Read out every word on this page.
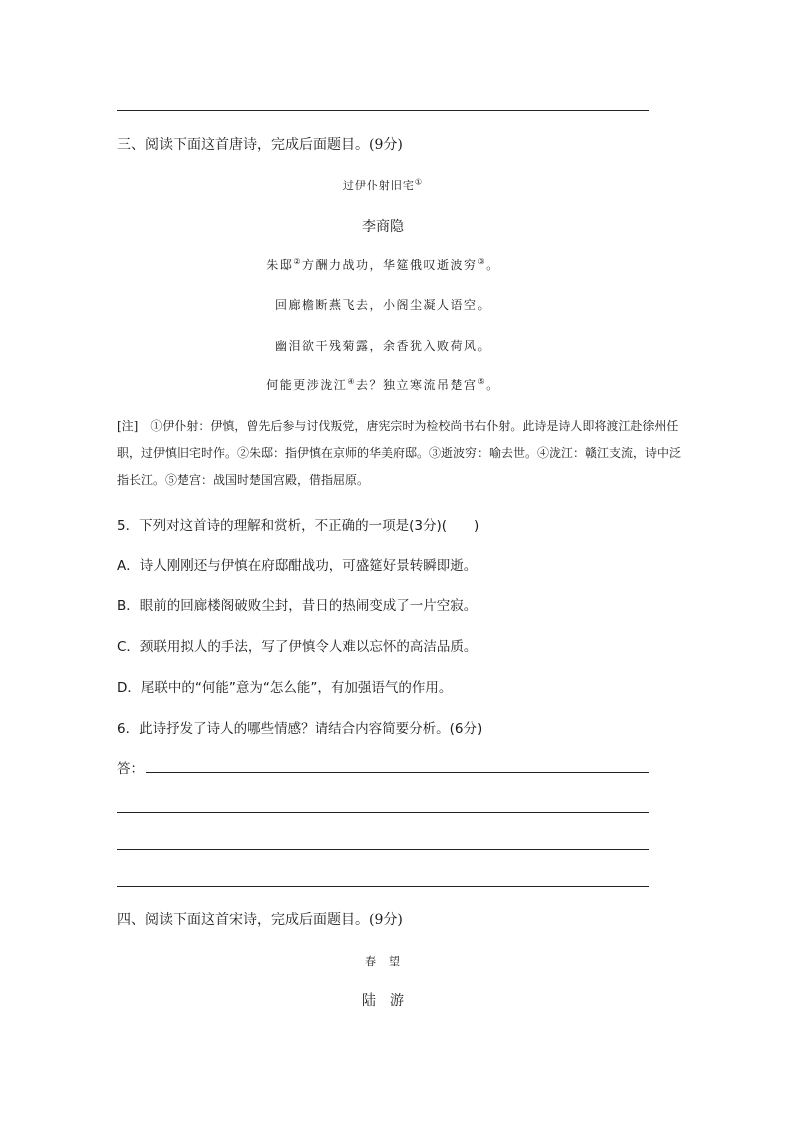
三、阅读下面这首唐诗，完成后面题目。(9分)
过伊仆射旧宅①
李商隐
朱邸②方酬力战功，华筵俄叹逝波穷③。
回廊檐断燕飞去，小阁尘凝人语空。
幽泪欲干残菊露，余香犹入败荷风。
何能更涉泷江④去？独立寒流吊楚宫⑤。
[注]　①伊仆射：伊慎，曾先后参与讨伐叛党，唐宪宗时为检校尚书右仆射。此诗是诗人即将渡江赴徐州任职，过伊慎旧宅时作。②朱邸：指伊慎在京师的华美府邸。③逝波穷：喻去世。④泷江：赣江支流，诗中泛指长江。⑤楚宫：战国时楚国宫殿，借指屈原。
5．下列对这首诗的理解和赏析，不正确的一项是(3分)(　　)
A．诗人刚刚还与伊慎在府邸酣战功，可盛筵好景转瞬即逝。
B．眼前的回廊楼阁破败尘封，昔日的热闹变成了一片空寂。
C．颈联用拟人的手法，写了伊慎令人难以忘怀的高洁品质。
D．尾联中的“何能”意为“怎么能”，有加强语气的作用。
6．此诗抒发了诗人的哪些情感？请结合内容简要分析。(6分)
答：
四、阅读下面这首宋诗，完成后面题目。(9分)
春　望
陆　游
